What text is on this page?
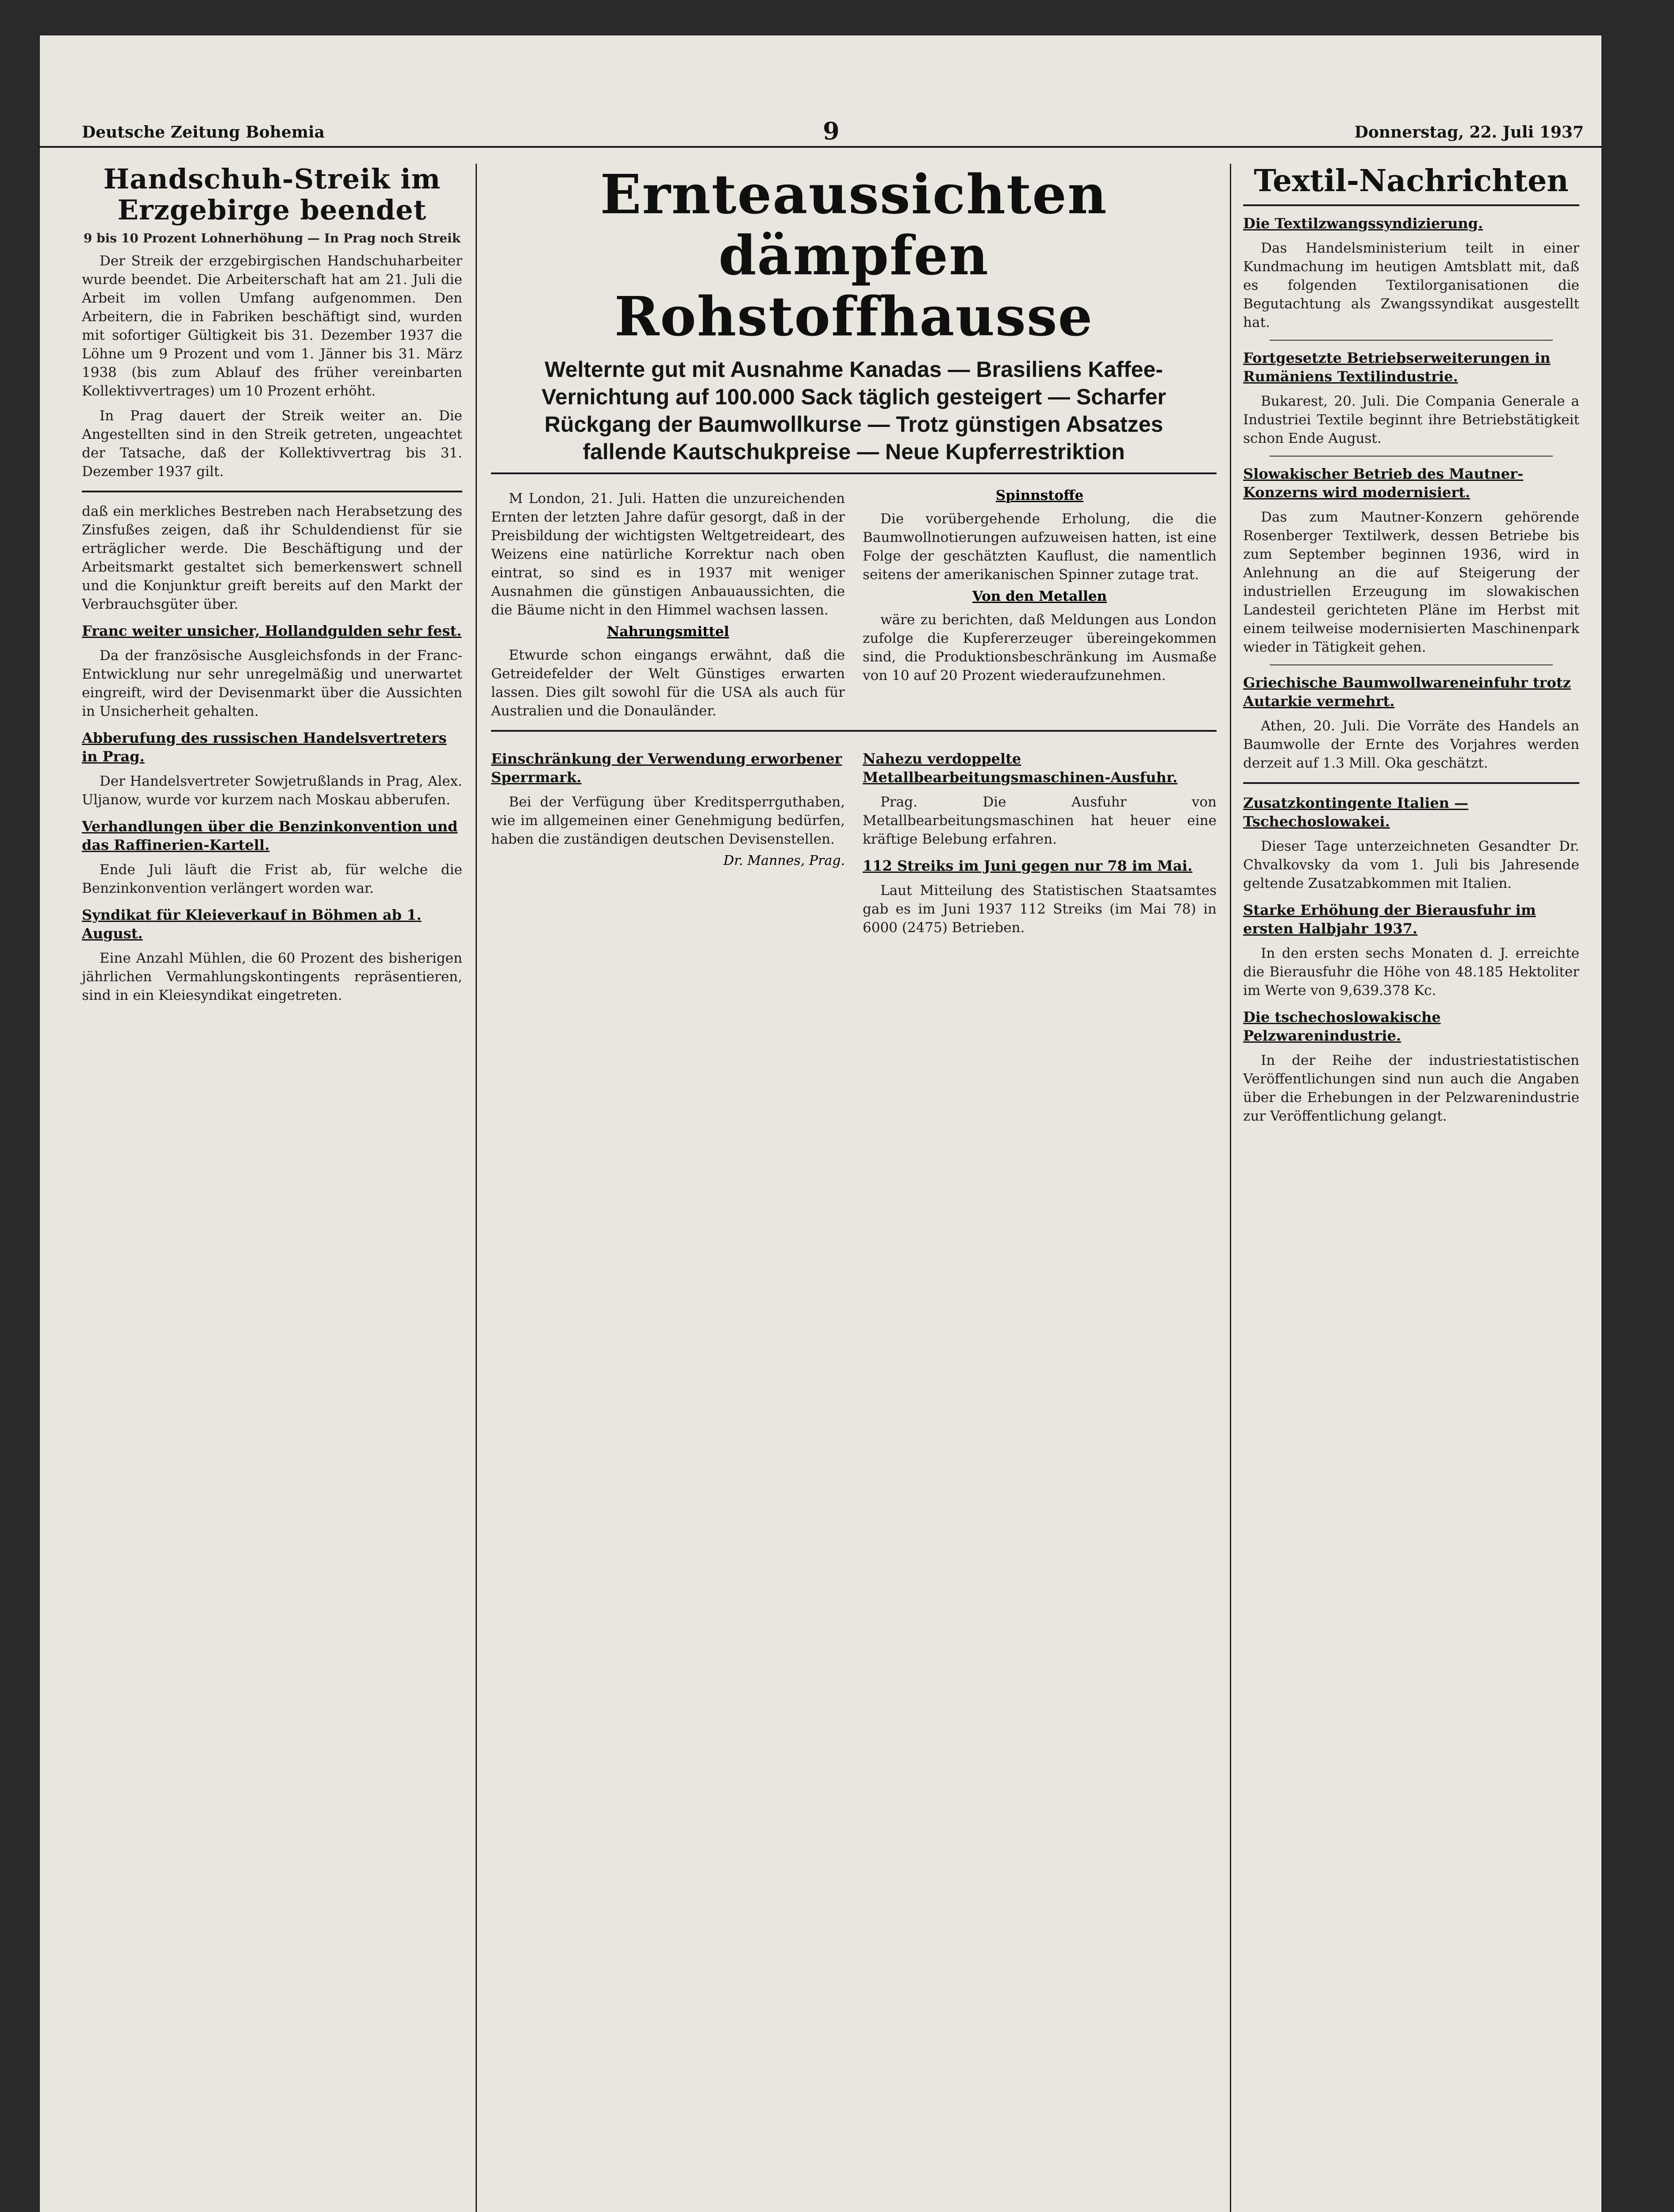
Deutsche Zeitung Bohemia	9	Donnerstag, 22. Juli 1937
Handschuh-Streik im Erzgebirge beendet
9 bis 10 Prozent Lohnerhöhung — In Prag noch Streik

Der Streik der erzgebirgischen Handschuharbeiter wurde beendet. Die Arbeiterschaft hat am 21. Juli die Arbeit im vollen Umfang aufgenommen. Den Arbeitern, die in Fabriken beschäftigt sind, wurden mit sofortiger Gültigkeit bis 31. Dezember 1937 die Löhne um 9 Prozent und vom 1. Jänner bis 31. März 1938 (bis zum Ablauf des früher vereinbarten Kollektivvertrages) um 10 Prozent erhöht.

In Prag dauert der Streik weiter an. Die Angestellten sind in den Streik getreten, ungeachtet der Tatsache, daß der Kollektivvertrag bis 31. Dezember 1937 gilt.

daß ein merkliches Bestreben nach Herabsetzung des Zinsfußes zeigen, daß ihr Schuldendienst für sie erträglicher werde. Die Beschäftigung und der Arbeitsmarkt gestaltet sich bemerkenswert schnell und die Konjunktur greift bereits auf den Markt der Verbrauchsgüter über.

Franc weiter unsicher, Hollandgulden sehr fest.

Da der französische Ausgleichsfonds in der Franc-Entwicklung nur sehr unregelmäßig und unerwartet eingreift, wird der Devisenmarkt über die Aussichten in Unsicherheit gehalten.

Abberufung des russischen Handelsvertreters in Prag.

Der Handelsvertreter Sowjetrußlands in Prag, Alex. Uljanow, wurde vor kurzem nach Moskau abberufen.

Verhandlungen über die Benzinkonvention und das Raffinerien-Kartell.

Ende Juli läuft die Frist ab, für welche die Benzinkonvention verlängert worden war.

Syndikat für Kleieverkauf in Böhmen ab 1. August.

Eine Anzahl Mühlen, die 60 Prozent des bisherigen jährlichen Vermahlungskontingents repräsentieren, sind in ein Kleiesyndikat eingetreten.

Ernteaussichten dämpfen Rohstoffhausse
Welternte gut mit Ausnahme Kanadas — Brasiliens Kaffee-Vernichtung auf 100.000 Sack täglich gesteigert — Scharfer Rückgang der Baumwollkurse — Trotz günstigen Absatzes fallende Kautschukpreise — Neue Kupferrestriktion

M London, 21. Juli. Hatten die unzureichenden Ernten der letzten Jahre dafür gesorgt, daß in der Preisbildung der wichtigsten Weltgetreideart, des Weizens eine natürliche Korrektur nach oben eintrat, so sind es in 1937 mit weniger Ausnahmen die günstigen Anbauaussichten, die die Bäume nicht in den Himmel wachsen lassen.

Nahrungsmittel

Etwurde schon eingangs erwähnt, daß die Getreidefelder der Welt Günstiges erwarten lassen. Dies gilt sowohl für die USA als auch für Australien und die Donauländer.

Spinnstoffe

Die vorübergehende Erholung, die die Baumwollnotierungen aufzuweisen hatten, ist eine Folge der geschätzten Kauflust, die namentlich seitens der amerikanischen Spinner zutage trat.

Von den Metallen

wäre zu berichten, daß Meldungen aus London zufolge die Kupfererzeuger übereingekommen sind, die Produktionsbeschränkung im Ausmaße von 10 auf 20 Prozent wiederaufzunehmen.

Einschränkung der Verwendung erworbener Sperrmark.

Bei der Verfügung über Kreditsperrguthaben, wie im allgemeinen einer Genehmigung bedürfen, haben die zuständigen deutschen Devisenstellen.

Dr. Mannes, Prag.
Nahezu verdoppelte Metallbearbeitungsmaschinen-Ausfuhr.

Prag. Die Ausfuhr von Metallbearbeitungsmaschinen hat heuer eine kräftige Belebung erfahren.

112 Streiks im Juni gegen nur 78 im Mai.

Laut Mitteilung des Statistischen Staatsamtes gab es im Juni 1937 112 Streiks (im Mai 78) in 6000 (2475) Betrieben.

Textil-Nachrichten
Die Textilzwangssyndizierung.

Das Handelsministerium teilt in einer Kundmachung im heutigen Amtsblatt mit, daß es folgenden Textilorganisationen die Begutachtung als Zwangssyndikat ausgestellt hat.

Fortgesetzte Betriebserweiterungen in Rumäniens Textilindustrie.

Bukarest, 20. Juli. Die Compania Generale a Industriei Textile beginnt ihre Betriebstätigkeit schon Ende August.

Slowakischer Betrieb des Mautner-Konzerns wird modernisiert.

Das zum Mautner-Konzern gehörende Rosenberger Textilwerk, dessen Betriebe bis zum September beginnen 1936, wird in Anlehnung an die auf Steigerung der industriellen Erzeugung im slowakischen Landesteil gerichteten Pläne im Herbst mit einem teilweise modernisierten Maschinenpark wieder in Tätigkeit gehen.

Griechische Baumwollwareneinfuhr trotz Autarkie vermehrt.

Athen, 20. Juli. Die Vorräte des Handels an Baumwolle der Ernte des Vorjahres werden derzeit auf 1.3 Mill. Oka geschätzt.

Zusatzkontingente Italien — Tschechoslowakei.

Dieser Tage unterzeichneten Gesandter Dr. Chvalkovsky da vom 1. Juli bis Jahresende geltende Zusatzabkommen mit Italien.

Starke Erhöhung der Bierausfuhr im ersten Halbjahr 1937.

In den ersten sechs Monaten d. J. erreichte die Bierausfuhr die Höhe von 48.185 Hektoliter im Werte von 9,639.378 Kc.

Die tschechoslowakische Pelzwarenindustrie.

In der Reihe der industriestatistischen Veröffentlichungen sind nun auch die Angaben über die Erhebungen in der Pelzwarenindustrie zur Veröffentlichung gelangt.
